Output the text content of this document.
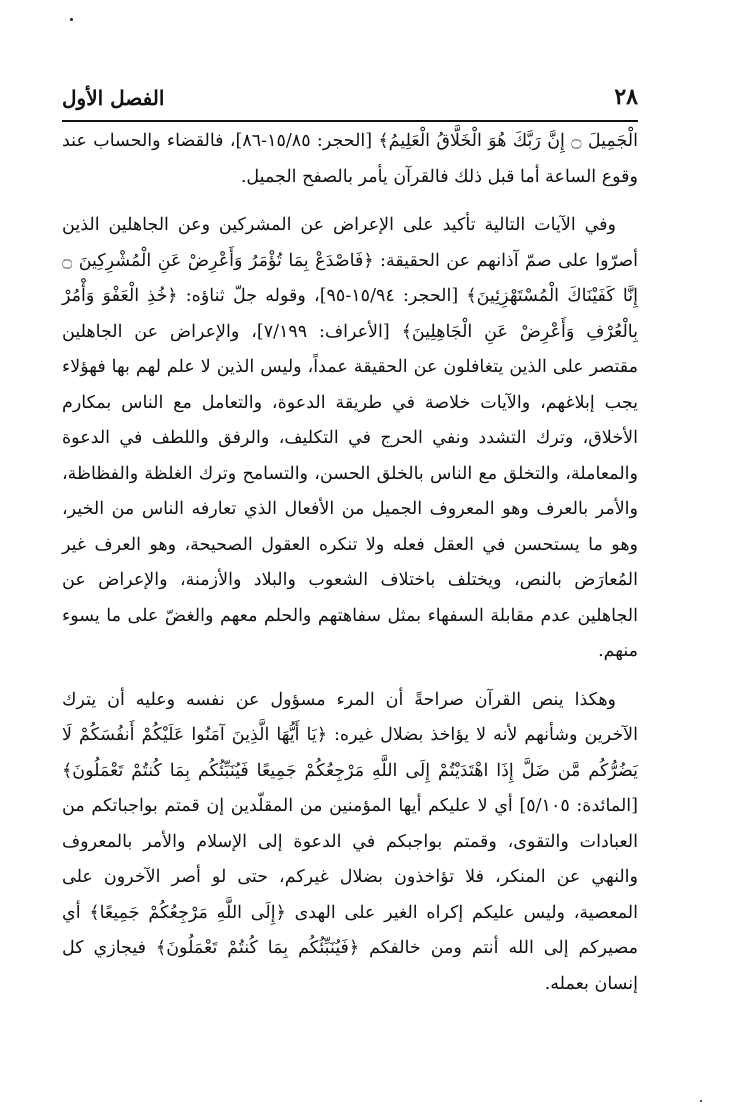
٢٨
الفصل الأول

الْجَمِيلَ ۝ إِنَّ رَبَّكَ هُوَ الْخَلَّاقُ الْعَلِيمُ﴾ [الحجر: ١٥/٨٥-٨٦]، فالقضاء والحساب عند وقوع الساعة أما قبل ذلك فالقرآن يأمر بالصفح الجميل.

وفي الآيات التالية تأكيد على الإعراض عن المشركين وعن الجاهلين الذين أصرّوا على صمّ آذانهم عن الحقيقة: ﴿فَاصْدَعْ بِمَا تُؤْمَرُ وَأَعْرِضْ عَنِ الْمُشْرِكِينَ ۝ إِنَّا كَفَيْنَاكَ الْمُسْتَهْزِئِينَ﴾ [الحجر: ١٥/٩٤-٩٥]، وقوله جلّ ثناؤه: ﴿خُذِ الْعَفْوَ وَأْمُرْ بِالْعُرْفِ وَأَعْرِضْ عَنِ الْجَاهِلِينَ﴾ [الأعراف: ٧/١٩٩]، والإعراض عن الجاهلين مقتصر على الذين يتغافلون عن الحقيقة عمداً، وليس الذين لا علم لهم بها فهؤلاء يجب إبلاغهم، والآيات خلاصة في طريقة الدعوة، والتعامل مع الناس بمكارم الأخلاق، وترك التشدد ونفي الحرج في التكليف، والرفق واللطف في الدعوة والمعاملة، والتخلق مع الناس بالخلق الحسن، والتسامح وترك الغلظة والفظاظة، والأمر بالعرف وهو المعروف الجميل من الأفعال الذي تعارفه الناس من الخير، وهو ما يستحسن في العقل فعله ولا تنكره العقول الصحيحة، وهو العرف غير المُعارَض بالنص، ويختلف باختلاف الشعوب والبلاد والأزمنة، والإعراض عن الجاهلين عدم مقابلة السفهاء بمثل سفاهتهم والحلم معهم والغضّ على ما يسوء منهم.

وهكذا ينص القرآن صراحةً أن المرء مسؤول عن نفسه وعليه أن يترك الآخرين وشأنهم لأنه لا يؤاخذ بضلال غيره: ﴿يَا أَيُّهَا الَّذِينَ آمَنُوا عَلَيْكُمْ أَنفُسَكُمْ لَا يَضُرُّكُم مَّن ضَلَّ إِذَا اهْتَدَيْتُمْ إِلَى اللَّهِ مَرْجِعُكُمْ جَمِيعًا فَيُنَبِّئُكُم بِمَا كُنتُمْ تَعْمَلُونَ﴾ [المائدة: ٥/١٠٥] أي لا عليكم أيها المؤمنين من المقلّدين إن قمتم بواجباتكم من العبادات والتقوى، وقمتم بواجبكم في الدعوة إلى الإسلام والأمر بالمعروف والنهي عن المنكر، فلا تؤاخذون بضلال غيركم، حتى لو أصر الآخرون على المعصية، وليس عليكم إكراه الغير على الهدى ﴿إِلَى اللَّهِ مَرْجِعُكُمْ جَمِيعًا﴾ أي مصيركم إلى الله أنتم ومن خالفكم ﴿فَيُنَبِّئُكُم بِمَا كُنتُمْ تَعْمَلُونَ﴾ فيجازي كل إنسان بعمله.
